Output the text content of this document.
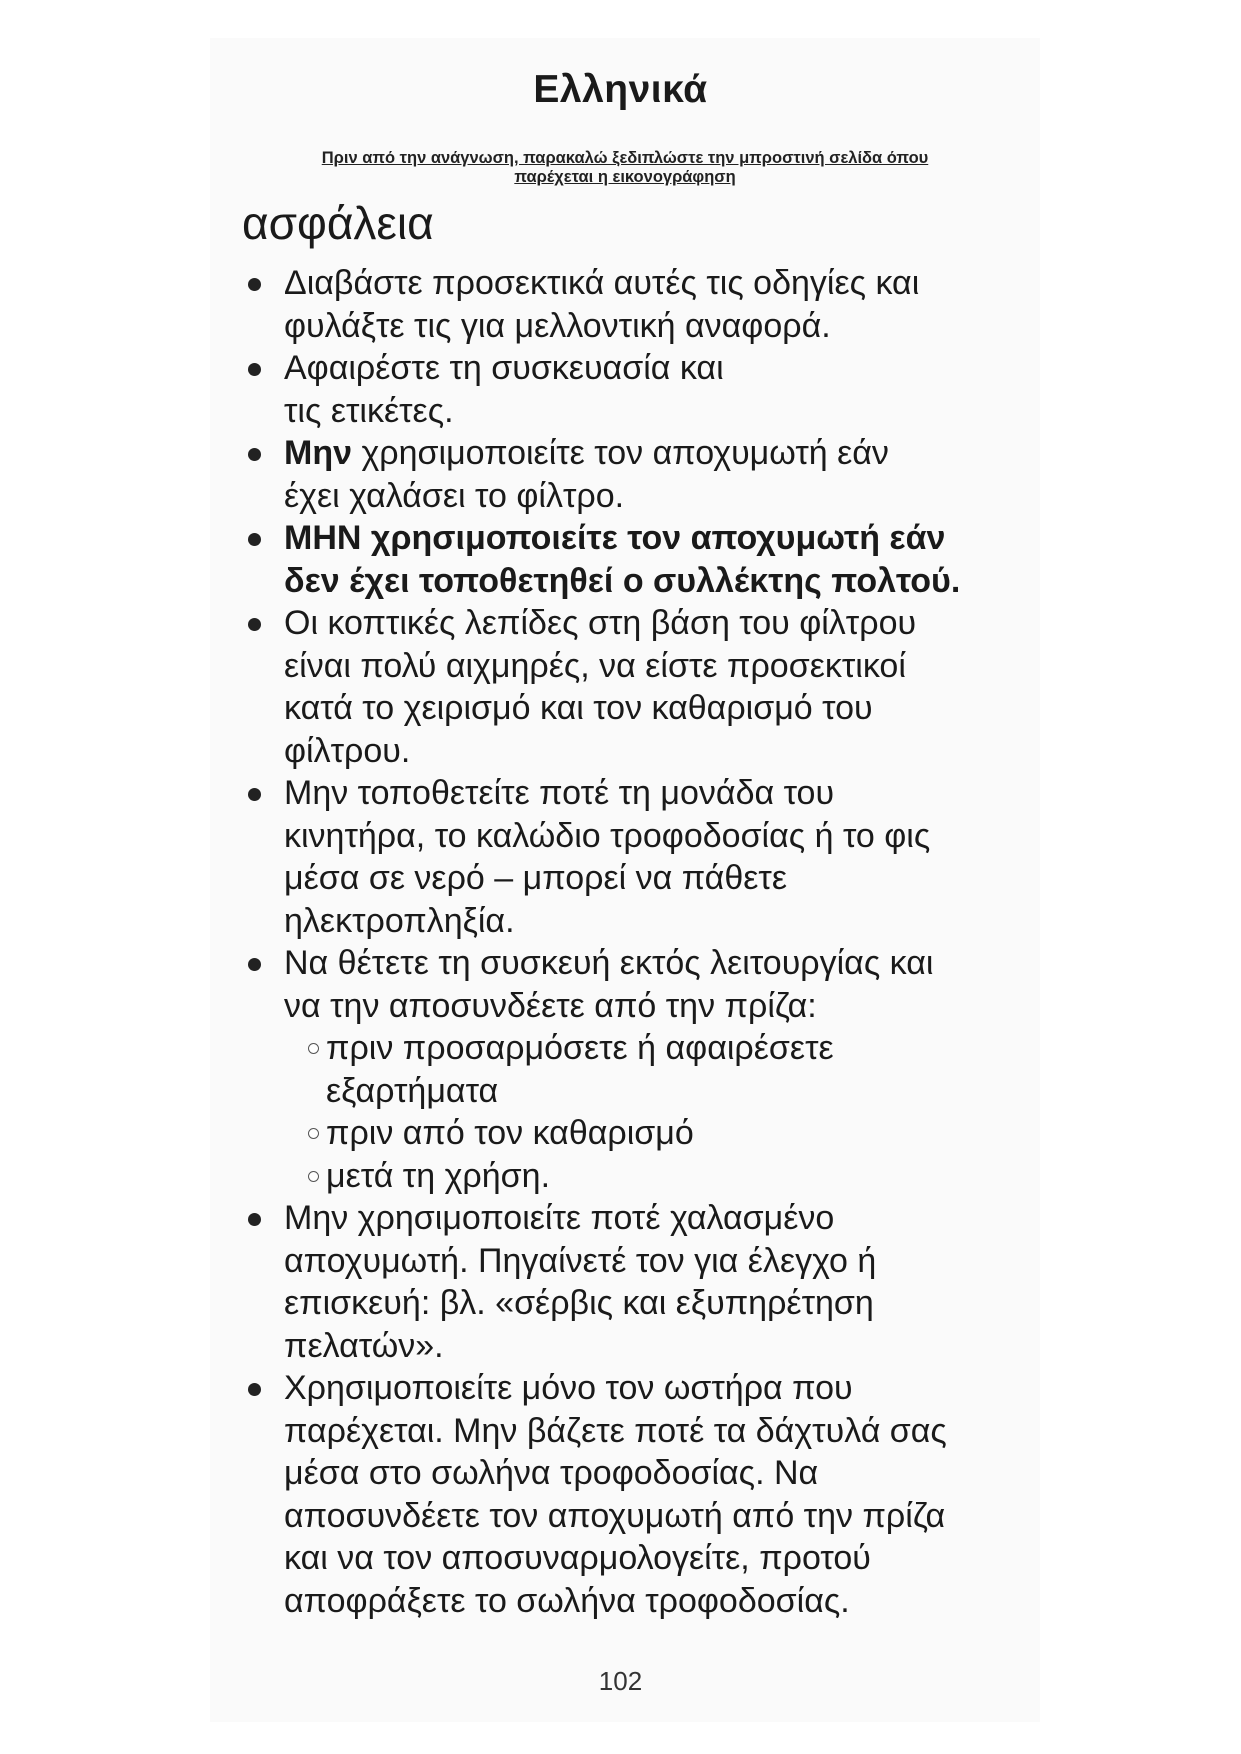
Ελληνικά
Πριν από την ανάγνωση, παρακαλώ ξεδιπλώστε την μπροστινή σελίδα όπου
παρέχεται η εικονογράφηση
ασφάλεια

Διαβάστε προσεκτικά αυτές τις οδηγίες και

φυλάξτε τις για μελλοντική αναφορά.

Αφαιρέστε τη συσκευασία και

τις ετικέτες.

Μην χρησιμοποιείτε τον αποχυμωτή εάν

έχει χαλάσει το φίλτρο.

ΜΗΝ χρησιμοποιείτε τον αποχυμωτή εάν

δεν έχει τοποθετηθεί ο συλλέκτης πολτού.

Οι κοπτικές λεπίδες στη βάση του φίλτρου

είναι πολύ αιχμηρές, να είστε προσεκτικοί

κατά το χειρισμό και τον καθαρισμό του

φίλτρου.

Μην τοποθετείτε ποτέ τη μονάδα του

κινητήρα, το καλώδιο τροφοδοσίας ή το φις

μέσα σε νερό – μπορεί να πάθετε

ηλεκτροπληξία.

Να θέτετε τη συσκευή εκτός λειτουργίας και

να την αποσυνδέετε από την πρίζα:

πριν προσαρμόσετε ή αφαιρέσετε

εξαρτήματα

πριν από τον καθαρισμό

μετά τη χρήση.

Μην χρησιμοποιείτε ποτέ χαλασμένο

αποχυμωτή. Πηγαίνετέ τον για έλεγχο ή

επισκευή: βλ. «σέρβις και εξυπηρέτηση

πελατών».

Χρησιμοποιείτε μόνο τον ωστήρα που

παρέχεται. Μην βάζετε ποτέ τα δάχτυλά σας

μέσα στο σωλήνα τροφοδοσίας. Να

αποσυνδέετε τον αποχυμωτή από την πρίζα

και να τον αποσυναρμολογείτε, προτού

αποφράξετε το σωλήνα τροφοδοσίας.

102
